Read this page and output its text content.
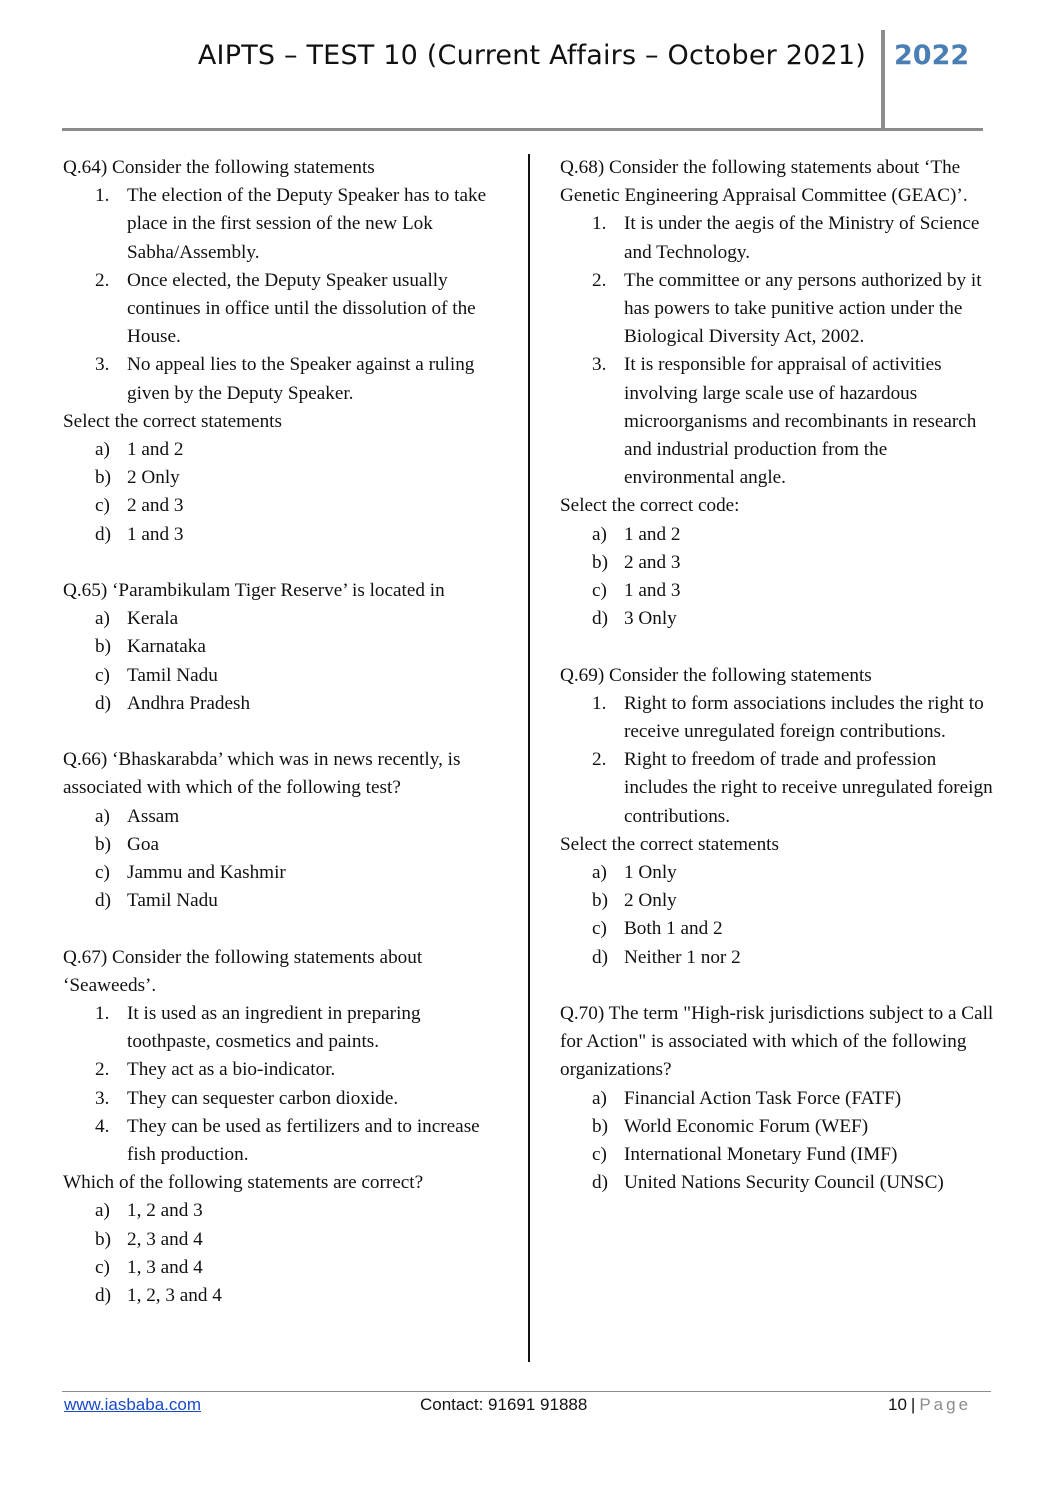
AIPTS – TEST 10 (Current Affairs – October 2021) 2022
Q.64) Consider the following statements
1. The election of the Deputy Speaker has to take place in the first session of the new Lok Sabha/Assembly.
2. Once elected, the Deputy Speaker usually continues in office until the dissolution of the House.
3. No appeal lies to the Speaker against a ruling given by the Deputy Speaker.
Select the correct statements
a) 1 and 2
b) 2 Only
c) 2 and 3
d) 1 and 3
Q.65) ‘Parambikulam Tiger Reserve’ is located in
a) Kerala
b) Karnataka
c) Tamil Nadu
d) Andhra Pradesh
Q.66) ‘Bhaskarabda’ which was in news recently, is associated with which of the following test?
a) Assam
b) Goa
c) Jammu and Kashmir
d) Tamil Nadu
Q.67) Consider the following statements about ‘Seaweeds’.
1. It is used as an ingredient in preparing toothpaste, cosmetics and paints.
2. They act as a bio-indicator.
3. They can sequester carbon dioxide.
4. They can be used as fertilizers and to increase fish production.
Which of the following statements are correct?
a) 1, 2 and 3
b) 2, 3 and 4
c) 1, 3 and 4
d) 1, 2, 3 and 4
Q.68) Consider the following statements about ‘The Genetic Engineering Appraisal Committee (GEAC)’.
1. It is under the aegis of the Ministry of Science and Technology.
2. The committee or any persons authorized by it has powers to take punitive action under the Biological Diversity Act, 2002.
3. It is responsible for appraisal of activities involving large scale use of hazardous microorganisms and recombinants in research and industrial production from the environmental angle.
Select the correct code:
a) 1 and 2
b) 2 and 3
c) 1 and 3
d) 3 Only
Q.69) Consider the following statements
1. Right to form associations includes the right to receive unregulated foreign contributions.
2. Right to freedom of trade and profession includes the right to receive unregulated foreign contributions.
Select the correct statements
a) 1 Only
b) 2 Only
c) Both 1 and 2
d) Neither 1 nor 2
Q.70) The term "High-risk jurisdictions subject to a Call for Action" is associated with which of the following organizations?
a) Financial Action Task Force (FATF)
b) World Economic Forum (WEF)
c) International Monetary Fund (IMF)
d) United Nations Security Council (UNSC)
www.iasbaba.com	Contact: 91691 91888	10 | Page
